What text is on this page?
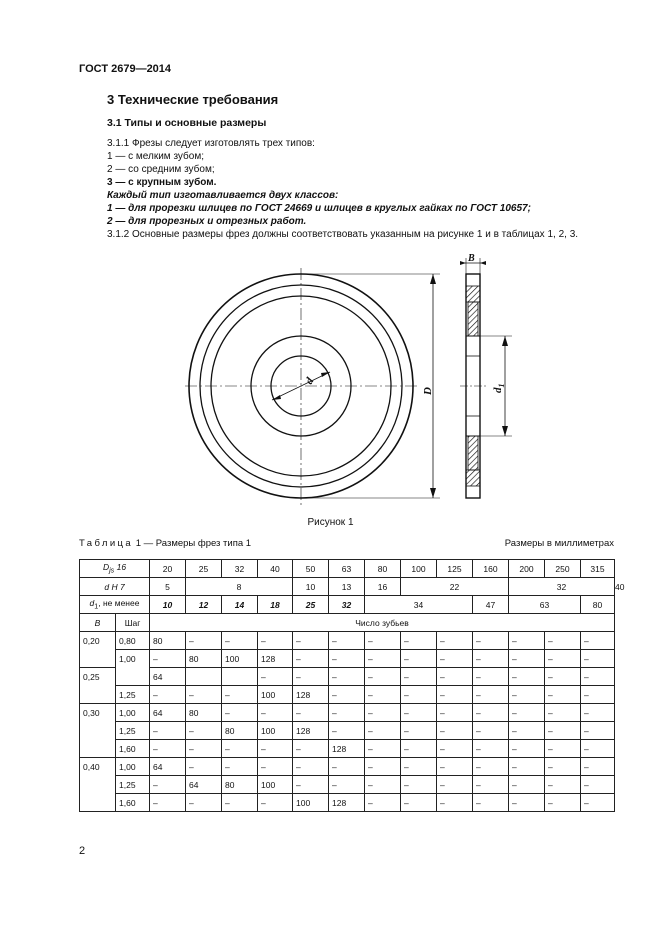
ГОСТ 2679—2014
3 Технические требования
3.1 Типы и основные размеры
3.1.1 Фрезы следует изготовлять трех типов:
1 — с мелким зубом;
2 — со средним зубом;
3 — с крупным зубом.
Каждый тип изготавливается двух классов:
1 — для прорезки шлицев по ГОСТ 24669 и шлицев в круглых гайках по ГОСТ 10657;
2 — для прорезных и отрезных работ.
3.1.2 Основные размеры фрез должны соответствовать указанным на рисунке 1 и в таблицах 1, 2, 3.
D
d
$d_1$
B
Рисунок 1
Таблица 1 — Размеры фрез типа 1	Размеры в миллиметрах
$D_{js}$ 16		20	25	32	40	50	63	80	100	125	160	200	250	315	
d H 7		5	8			10	13	16	22			32			40
$d_1$, не менее		10	12	14	18	25	32	34			47	63		80	
B	Шаг	Число зубьев													
0,20	0,80	80	–	–	–	–	–	–	–	–	–	–	–	–	
	1,00	–	80	100	128	–	–	–	–	–	–	–	–	–	
0,25		64			–	–	–	–	–	–	–	–	–	–	
	1,25	–	–	–	100	128	–	–	–	–	–	–	–	–	
0,30	1,00	64	80	–	–	–	–	–	–	–	–	–	–	–	
	1,25	–	–	80	100	128	–	–	–	–	–	–	–	–	
	1,60	–	–	–	–	–	128	–	–	–	–	–	–	–	
0,40	1,00	64	–	–	–	–	–	–	–	–	–	–	–	–	
	1,25	–	64	80	100	–	–	–	–	–	–	–	–	–	
	1,60	–	–	–	–	100	128	–	–	–	–	–	–	–	
2
